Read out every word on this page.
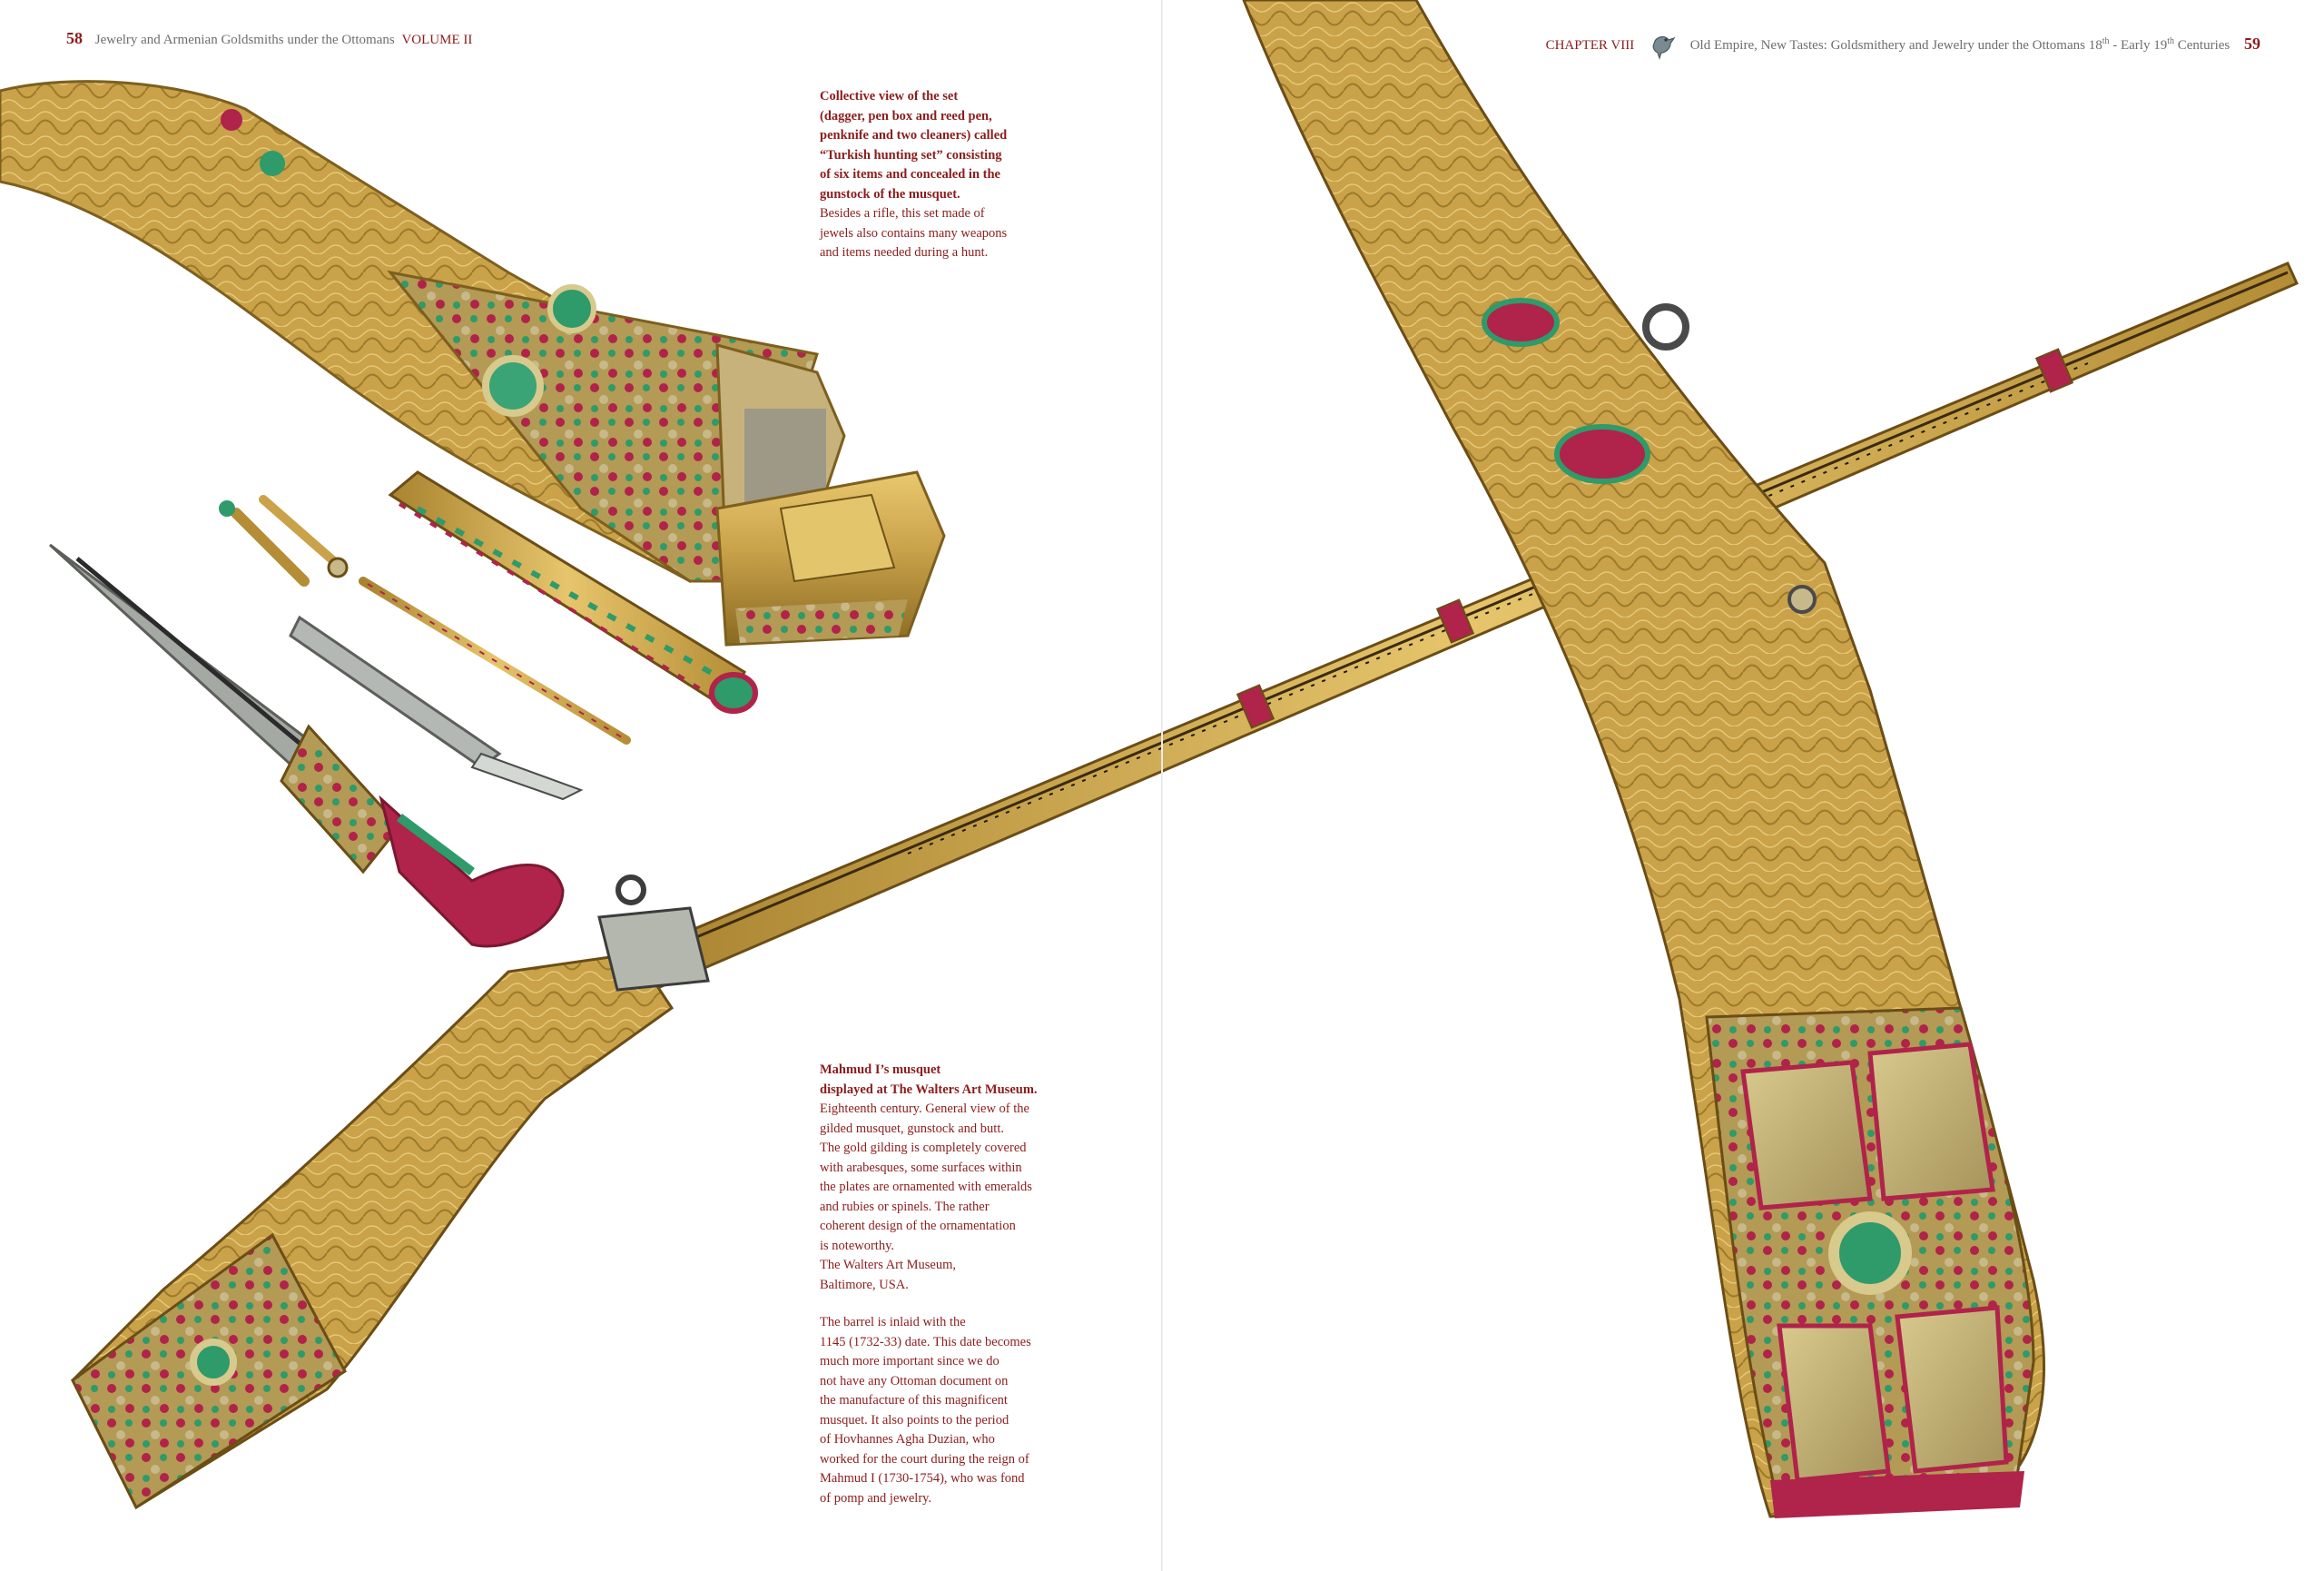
58 Jewelry and Armenian Goldsmiths under the Ottomans VOLUME II

Collective view of the set

(dagger, pen box and reed pen,

penknife and two cleaners) called

“Turkish hunting set” consisting

of six items and concealed in the

gunstock of the musquet.

Besides a rifle, this set made of

jewels also contains many weapons

and items needed during a hunt.

Mahmud I’s musquet

displayed at The Walters Art Museum.

Eighteenth century. General view of the

gilded musquet, gunstock and butt.

The gold gilding is completely covered

with arabesques, some surfaces within

the plates are ornamented with emeralds

and rubies or spinels. The rather

coherent design of the ornamentation

is noteworthy.

The Walters Art Museum,

Baltimore, USA.

The barrel is inlaid with the

1145 (1732-33) date. This date becomes

much more important since we do

not have any Ottoman document on

the manufacture of this magnificent

musquet. It also points to the period

of Hovhannes Agha Duzian, who

worked for the court during the reign of

Mahmud I (1730-1754), who was fond

of pomp and jewelry.

CHAPTER VIII	Old Empire, New Tastes: Goldsmithery and Jewelry under the Ottomans 18th - Early 19th Centuries 59
